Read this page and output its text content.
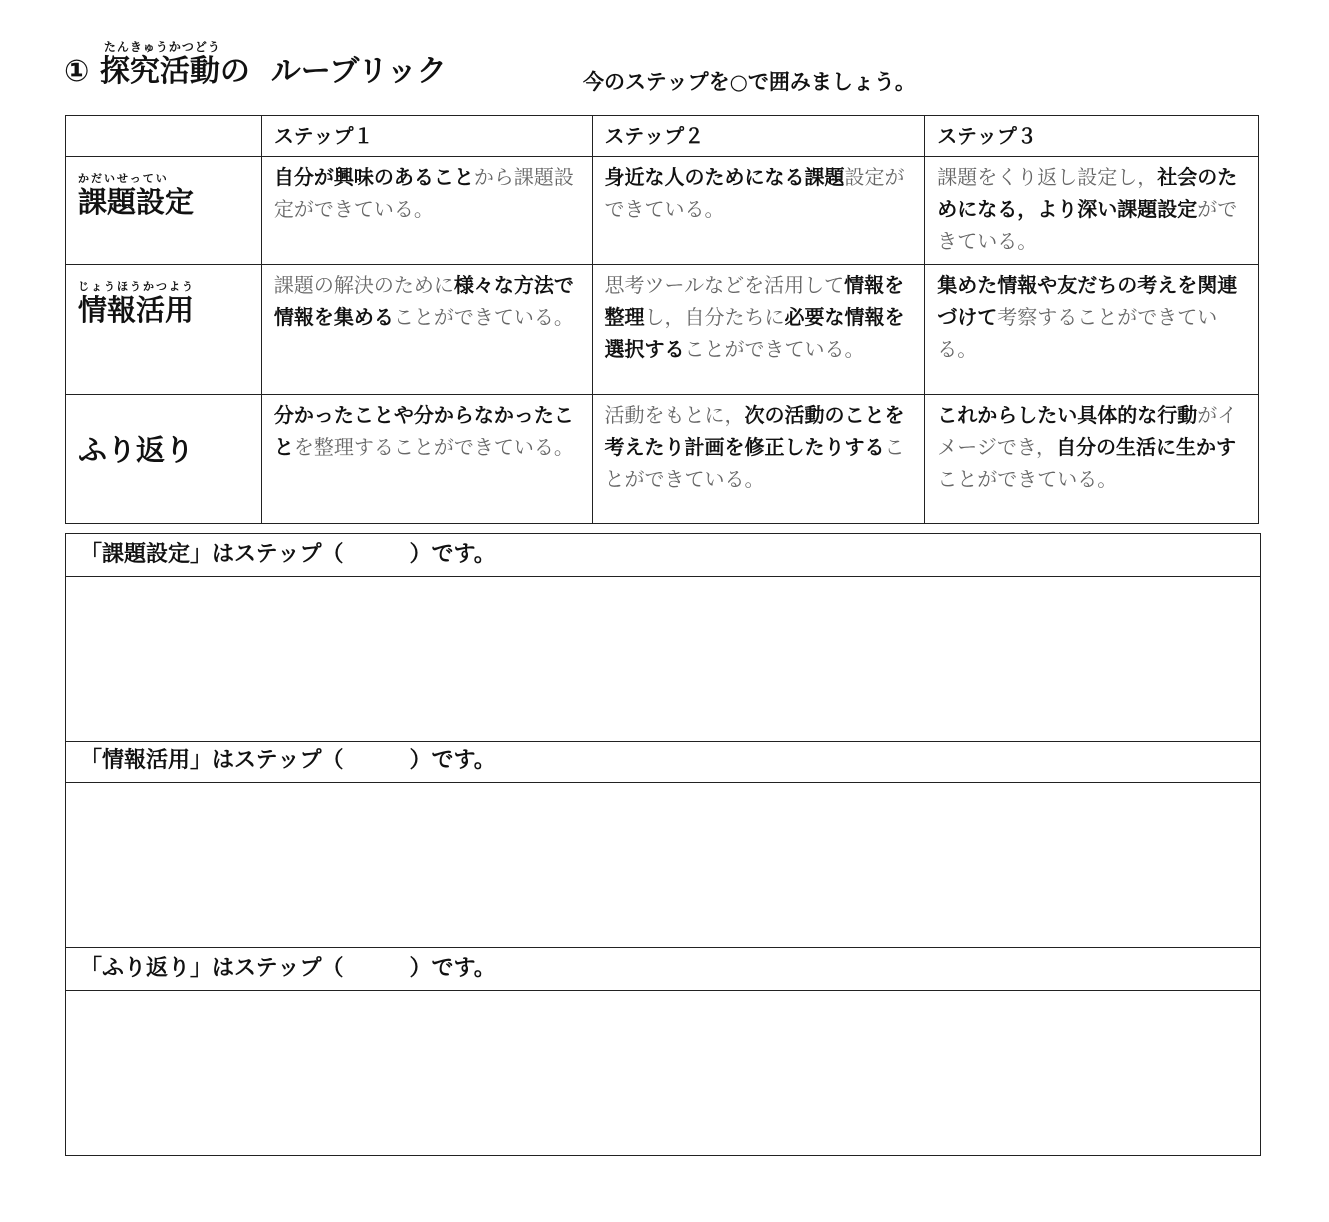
①
たんきゅうかつどう
探究活動の ルーブリック	今のステップを○で囲みましょう。
	ステップ１	ステップ２	ステップ３

かだいせってい
課題設定	自分が興味のあることから課題設定ができている。	身近な人のためになる課題設定ができている。	課題をくり返し設定し，社会のためになる，より深い課題設定ができている。

じょうほうかつよう
情報活用	課題の解決のために様々な方法で情報を集めることができている。	思考ツールなどを活用して情報を整理し，自分たちに必要な情報を選択することができている。	集めた情報や友だちの考えを関連づけて考察することができている。

ふり返り	分かったことや分からなかったことを整理することができている。	活動をもとに，次の活動のことを考えたり計画を修正したりすることができている。	これからしたい具体的な行動がイメージでき，自分の生活に生かすことができている。
「課題設定」はステップ（　　　）です。
「情報活用」はステップ（　　　）です。
「ふり返り」はステップ（　　　）です。
